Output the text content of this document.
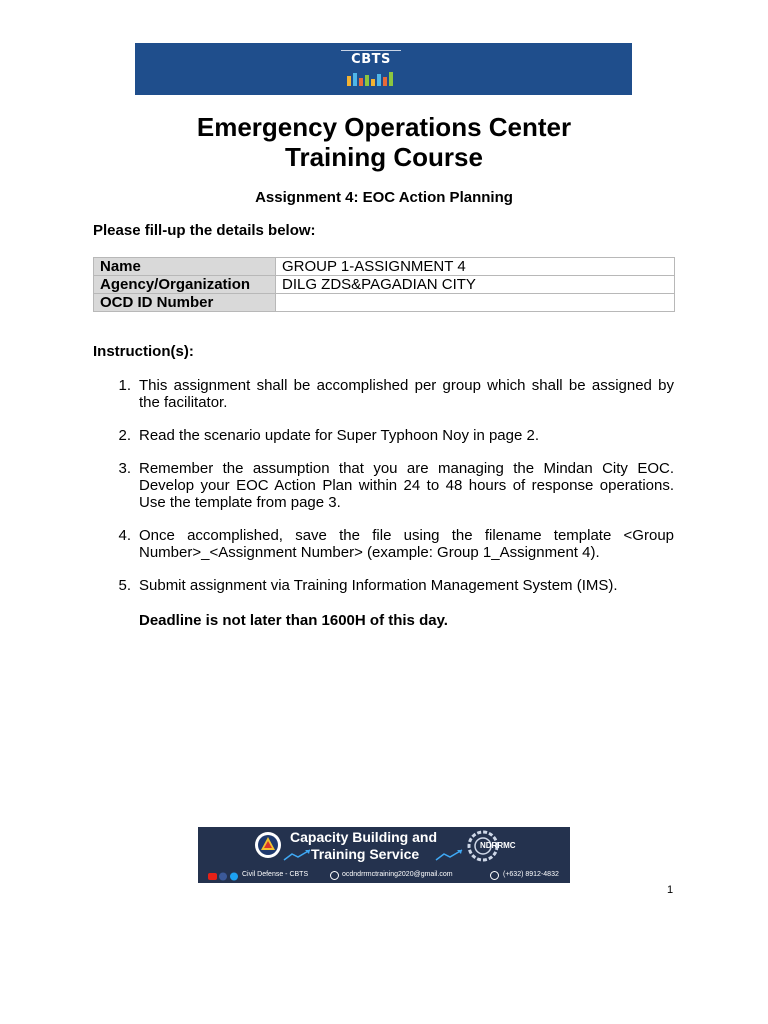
CBTS
Emergency Operations Center
Training Course
Assignment 4: EOC Action Planning
Please fill-up the details below:
Name	GROUP 1-ASSIGNMENT 4
Agency/Organization	DILG ZDS&PAGADIAN CITY
OCD ID Number	
Instruction(s):
1. This assignment shall be accomplished per group which shall be assigned by the facilitator.
2. Read the scenario update for Super Typhoon Noy in page 2.
3. Remember the assumption that you are managing the Mindan City EOC. Develop your EOC Action Plan within 24 to 48 hours of response operations. Use the template from page 3.
4. Once accomplished, save the file using the filename template <Group Number>_<Assignment Number> (example: Group 1_Assignment 4).
5. Submit assignment via Training Information Management System (IMS).
Deadline is not later than 1600H of this day.
Capacity Building and
Training Service
NDRRMC
Civil Defense - CBTS	ocdndrrmctraining2020@gmail.com	(+632) 8912-4832
1
